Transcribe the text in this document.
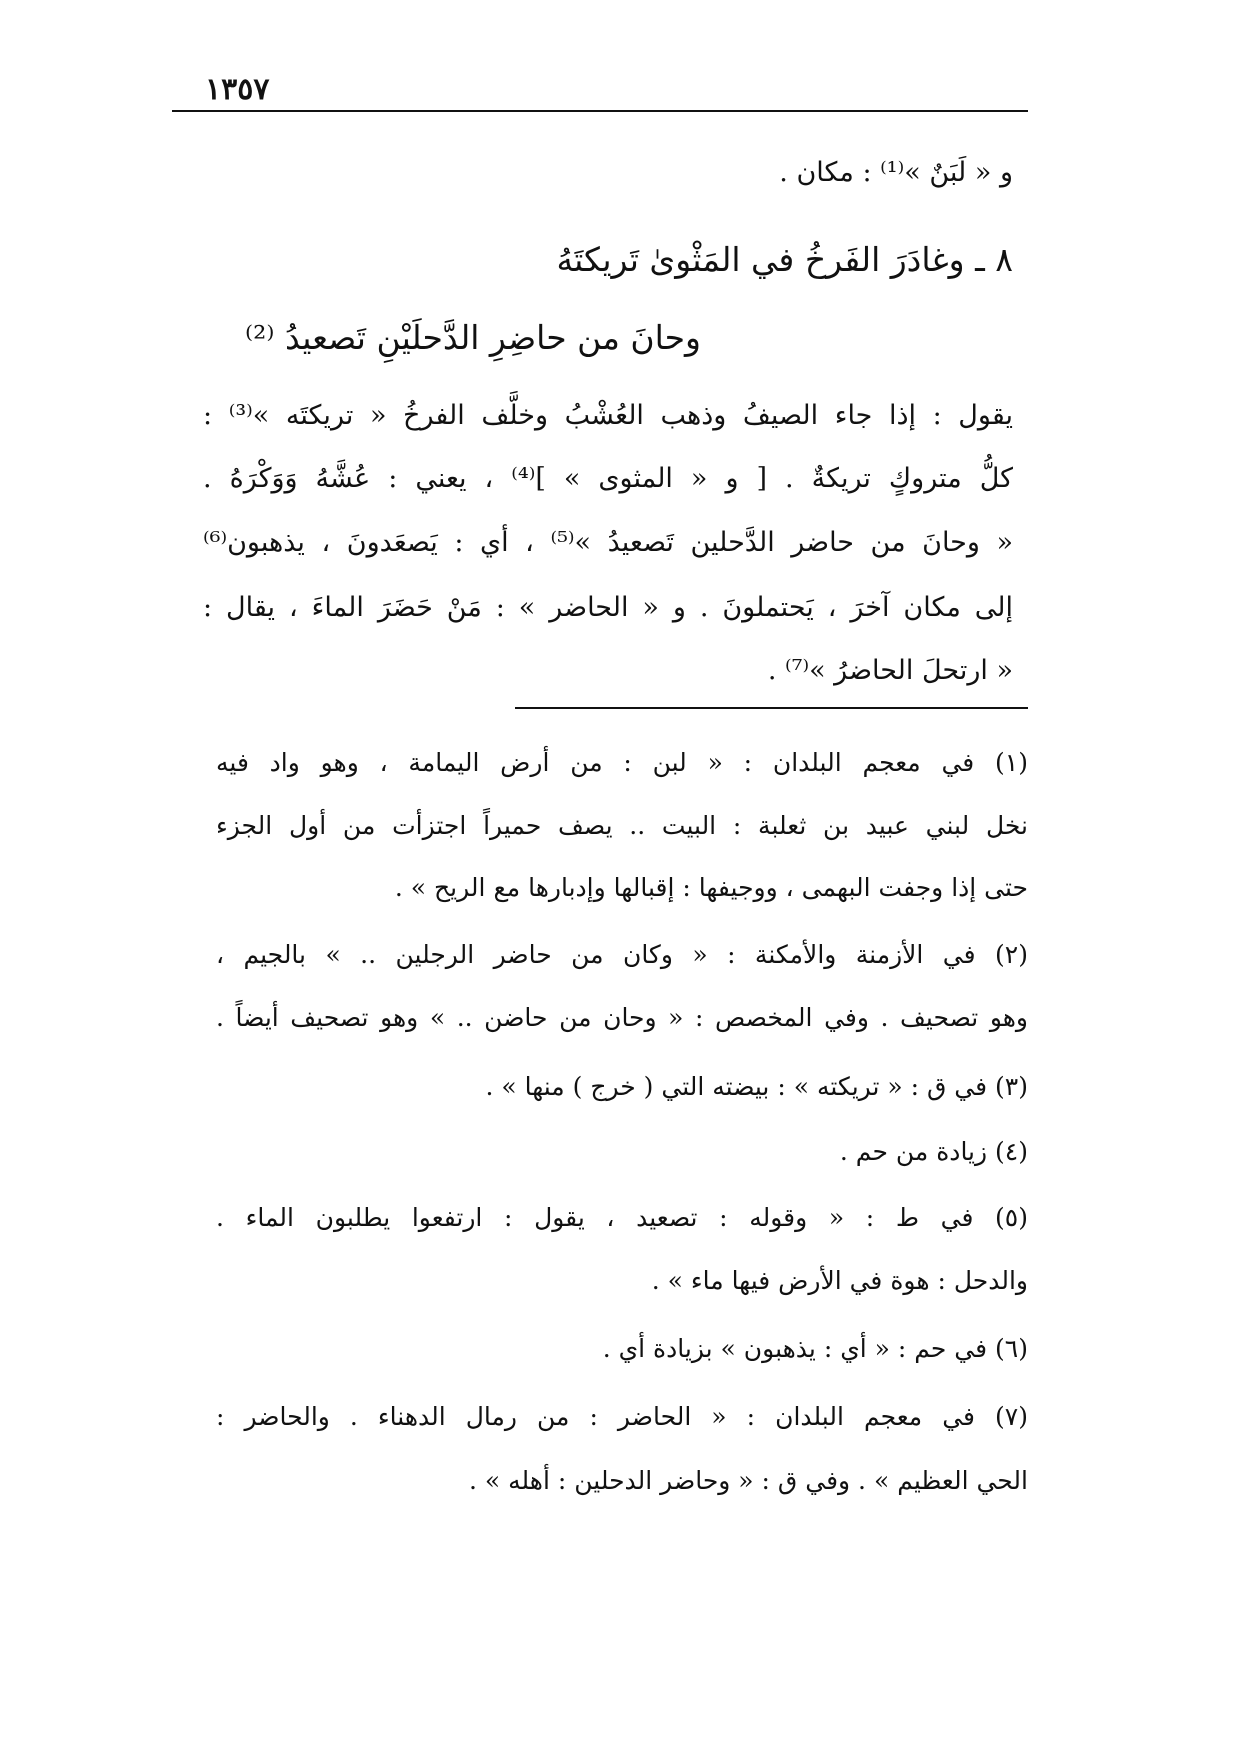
١٣٥٧
و « لَبَنٌ »⁽¹⁾ : مكان .
٨ ـ وغادَرَ الفَرخُ في المَثْوىٰ تَريكتَهُ
وحانَ من حاضِرِ الدَّحلَيْنِ تَصعيدُ ⁽²⁾
يقول : إذا جاء الصيفُ وذهب العُشْبُ وخلَّف الفرخُ « تريكتَه »⁽³⁾ :
كلُّ متروكٍ تريكةٌ . [ و « المثوى » ]⁽⁴⁾ ، يعني : عُشَّهُ وَوَكْرَهُ .
« وحانَ من حاضر الدَّحلين تَصعيدُ »⁽⁵⁾ ، أي : يَصعَدونَ ، يذهبون⁽⁶⁾
إلى مكان آخرَ ، يَحتملونَ . و « الحاضر » : مَنْ حَضَرَ الماءَ ، يقال :
« ارتحلَ الحاضرُ »⁽⁷⁾ .
(١) في معجم البلدان : « لبن : من أرض اليمامة ، وهو واد فيه
نخل لبني عبيد بن ثعلبة : البيت .. يصف حميراً اجتزأت من أول الجزء
حتى إذا وجفت البهمى ، ووجيفها : إقبالها وإدبارها مع الريح » .
(٢) في الأزمنة والأمكنة : « وكان من حاضر الرجلين .. » بالجيم ،
وهو تصحيف . وفي المخصص : « وحان من حاضن .. » وهو تصحيف أيضاً .
(٣) في ق : « تريكته » : بيضته التي ( خرج ) منها » .
(٤) زيادة من حم .
(٥) في ط : « وقوله : تصعيد ، يقول : ارتفعوا يطلبون الماء .
والدحل : هوة في الأرض فيها ماء » .
(٦) في حم : « أي : يذهبون » بزيادة أي .
(٧) في معجم البلدان : « الحاضر : من رمال الدهناء . والحاضر :
الحي العظيم » . وفي ق : « وحاضر الدحلين : أهله » .
